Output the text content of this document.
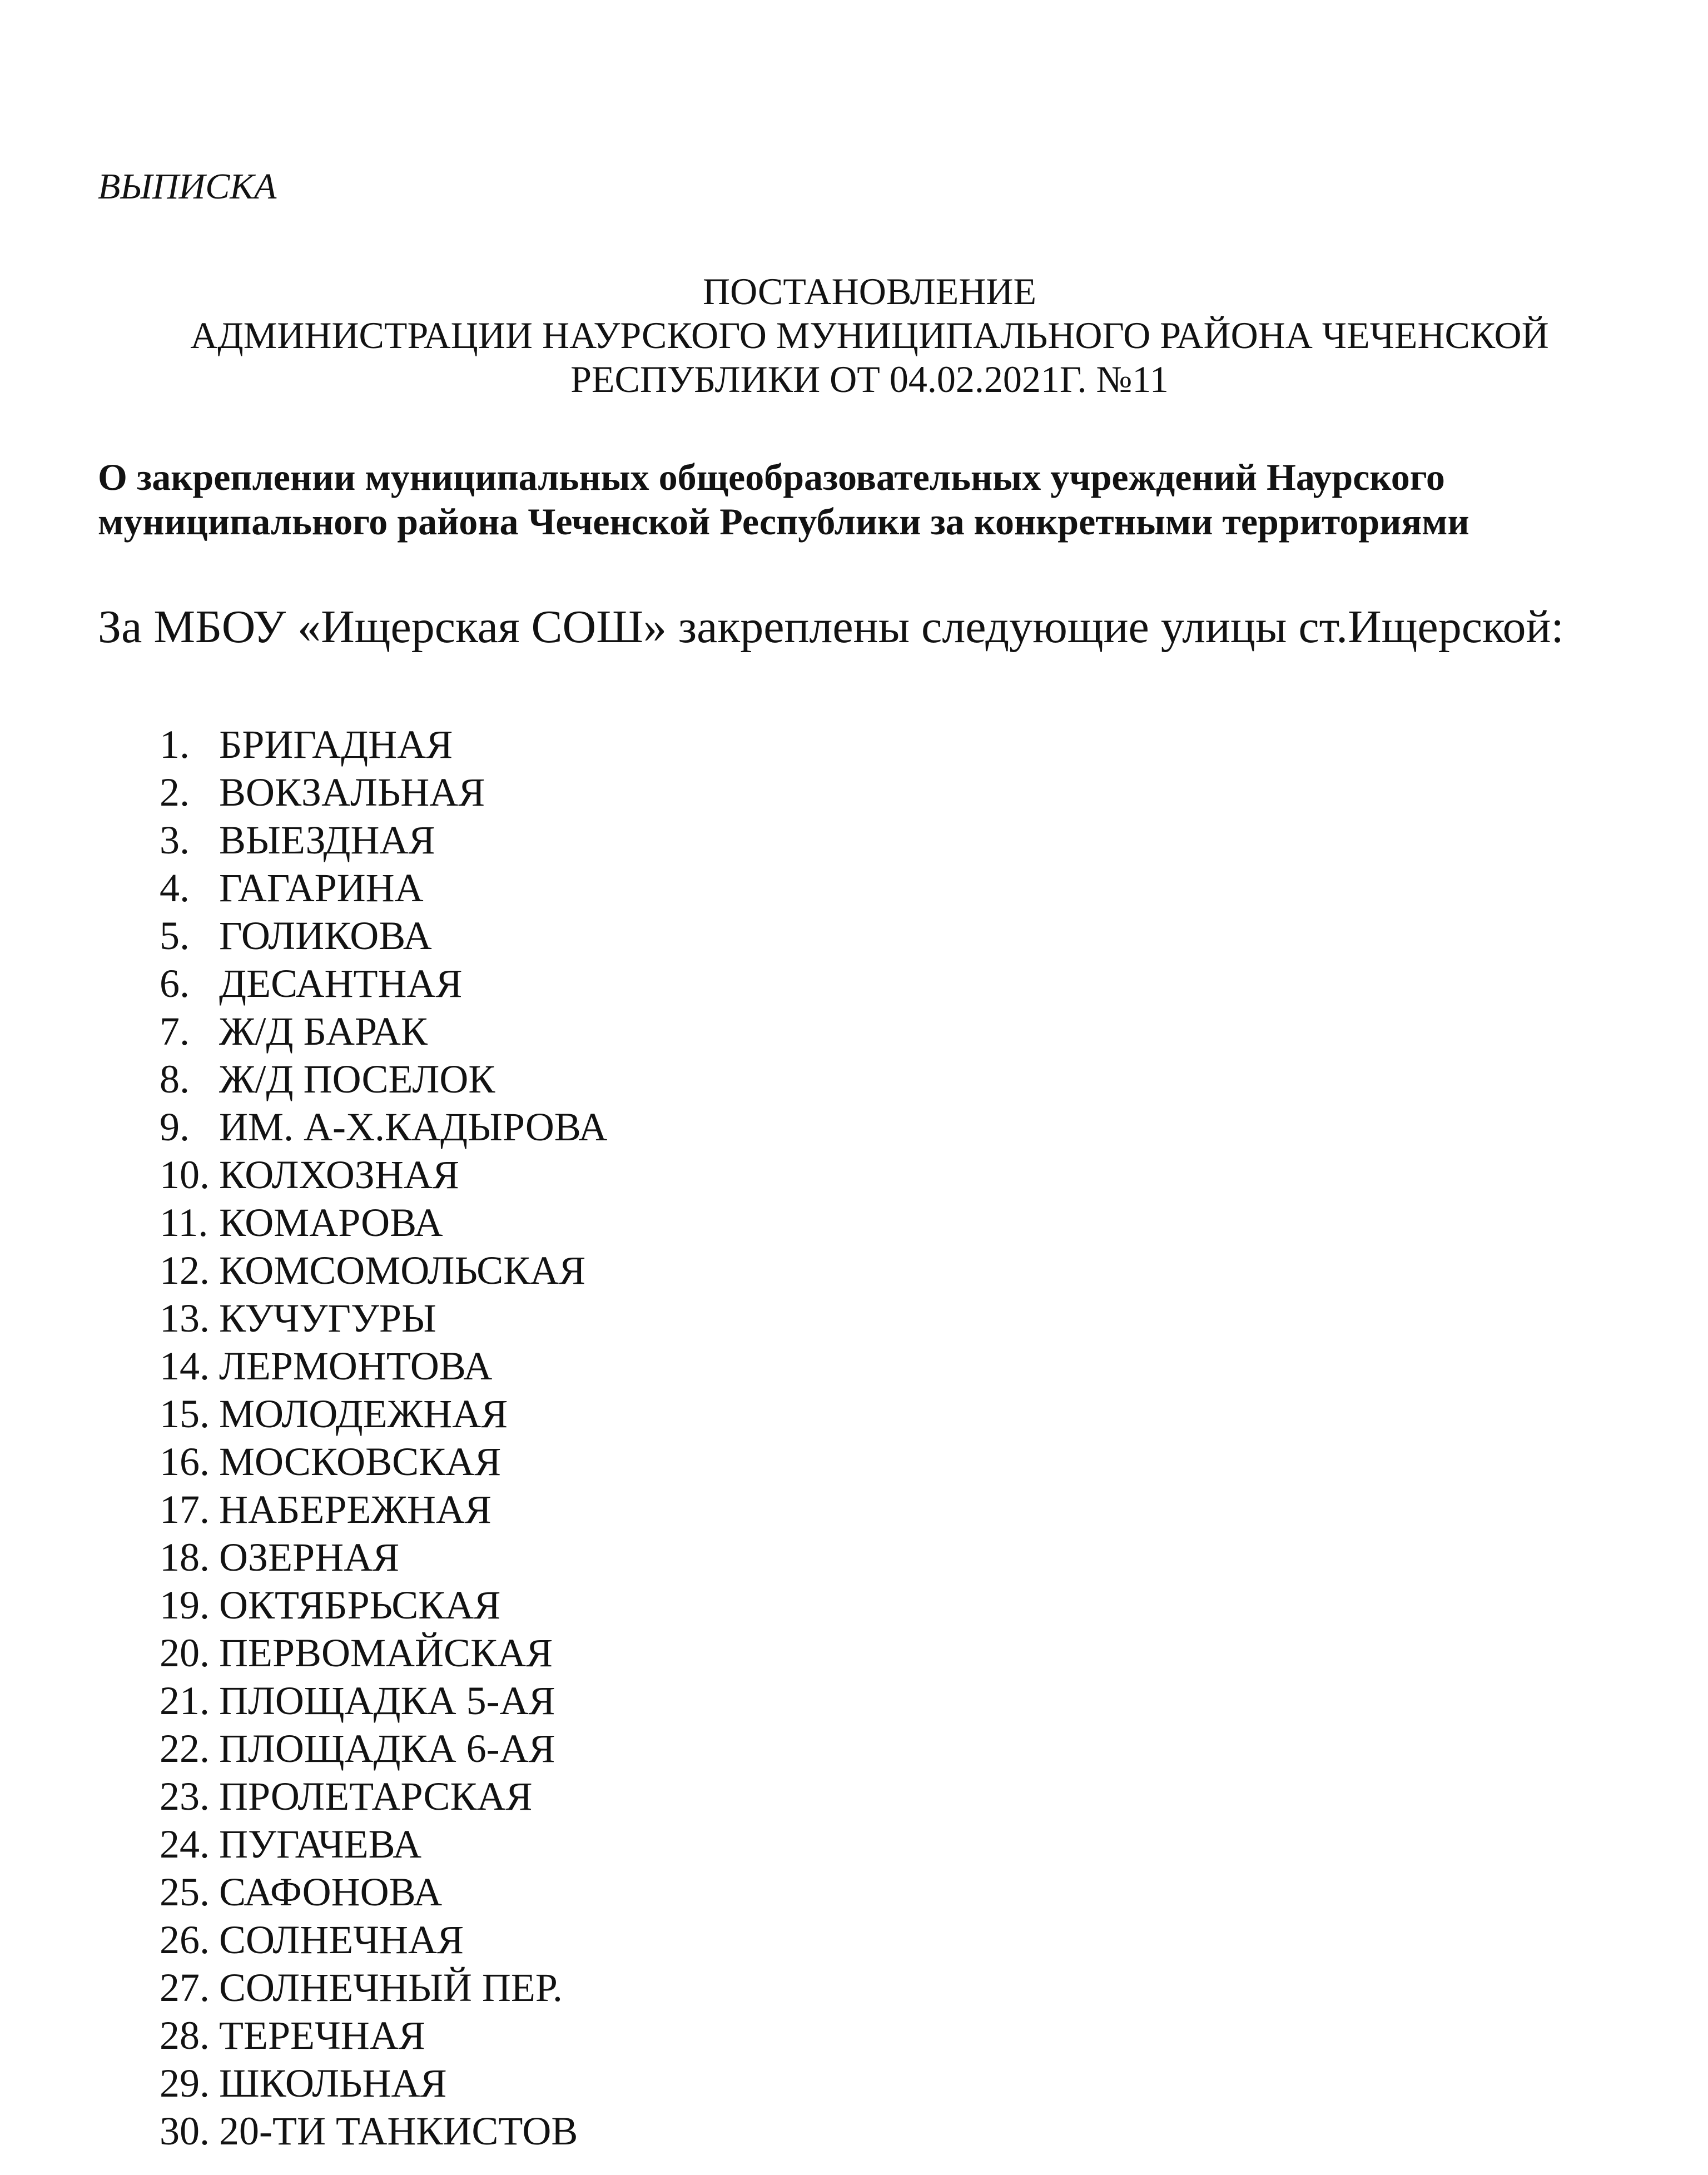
ВЫПИСКА
ПОСТАНОВЛЕНИЕ
АДМИНИСТРАЦИИ НАУРСКОГО МУНИЦИПАЛЬНОГО РАЙОНА ЧЕЧЕНСКОЙ
РЕСПУБЛИКИ ОТ 04.02.2021Г. №11
О закреплении муниципальных общеобразовательных учреждений Наурского
муниципального района Чеченской Республики за конкретными территориями
За МБОУ «Ищерская СОШ» закреплены следующие улицы ст.Ищерской:
1. БРИГАДНАЯ
2. ВОКЗАЛЬНАЯ
3. ВЫЕЗДНАЯ
4. ГАГАРИНА
5. ГОЛИКОВА
6. ДЕСАНТНАЯ
7. Ж/Д БАРАК
8. Ж/Д ПОСЕЛОК
9. ИМ. А-Х.КАДЫРОВА
10. КОЛХОЗНАЯ
11. КОМАРОВА
12. КОМСОМОЛЬСКАЯ
13. КУЧУГУРЫ
14. ЛЕРМОНТОВА
15. МОЛОДЕЖНАЯ
16. МОСКОВСКАЯ
17. НАБЕРЕЖНАЯ
18. ОЗЕРНАЯ
19. ОКТЯБРЬСКАЯ
20. ПЕРВОМАЙСКАЯ
21. ПЛОЩАДКА 5-АЯ
22. ПЛОЩАДКА 6-АЯ
23. ПРОЛЕТАРСКАЯ
24. ПУГАЧЕВА
25. САФОНОВА
26. СОЛНЕЧНАЯ
27. СОЛНЕЧНЫЙ ПЕР.
28. ТЕРЕЧНАЯ
29. ШКОЛЬНАЯ
30. 20-ТИ ТАНКИСТОВ
